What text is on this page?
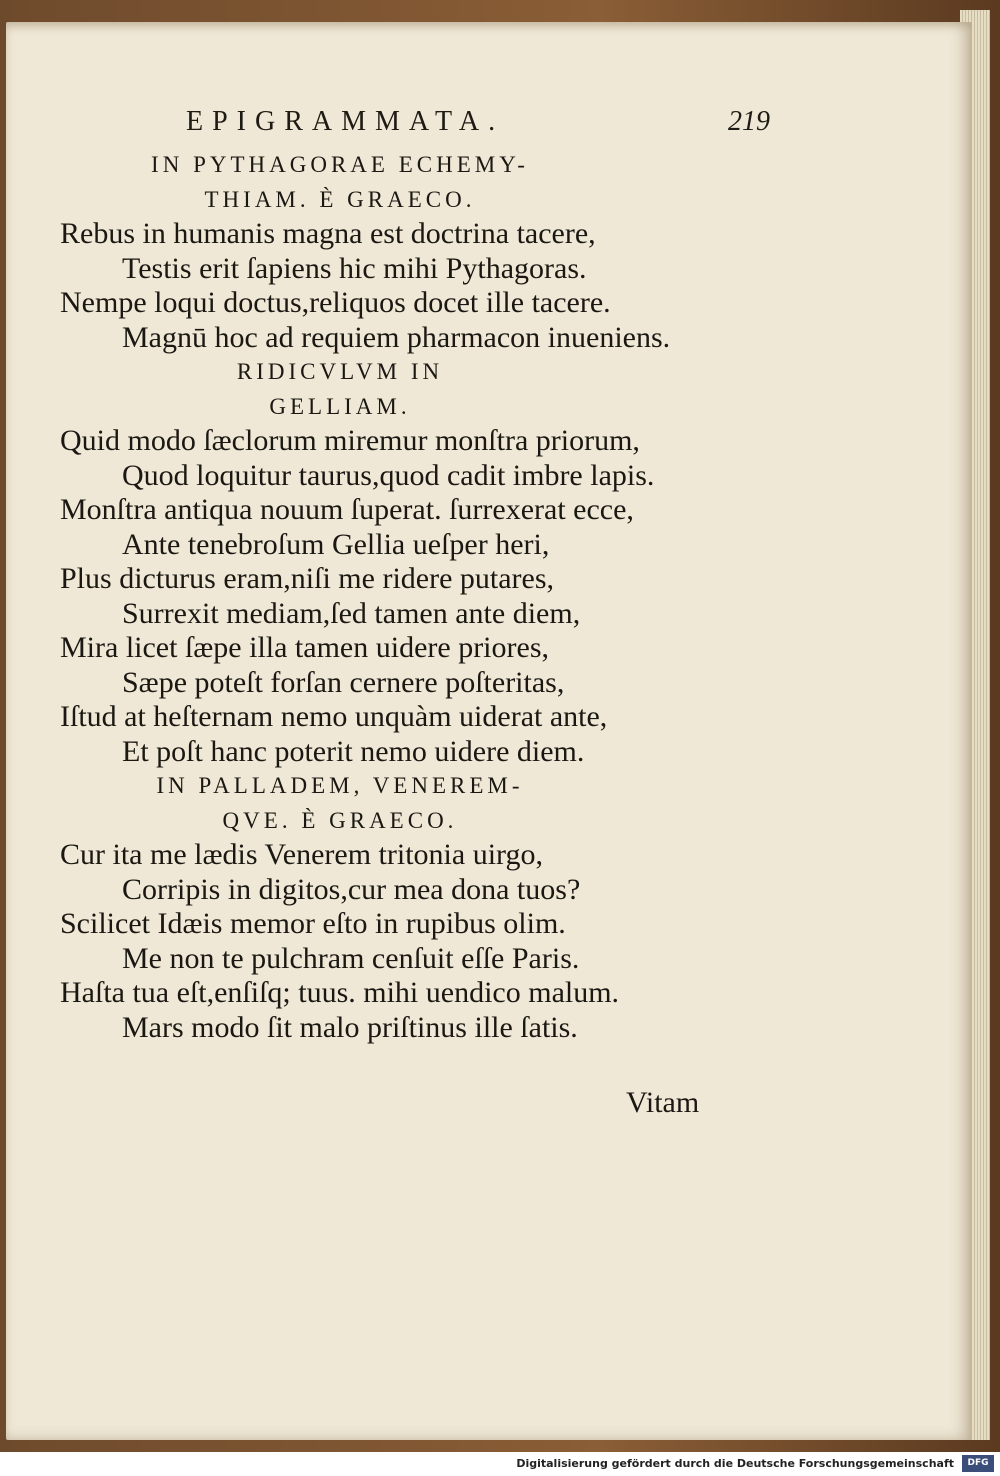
EPIGRAMMATA.	219
IN PYTHAGORAE ECHEMY-
THIAM. È GRAECO.
Rebus in humanis magna est doctrina tacere,
Testis erit ſapiens hic mihi Pythagoras.
Nempe loqui doctus,reliquos docet ille tacere.
Magnū hoc ad requiem pharmacon inueniens.
RIDICVLVM IN
GELLIAM.
Quid modo ſæclorum miremur monſtra priorum,
Quod loquitur taurus,quod cadit imbre lapis.
Monſtra antiqua nouum ſuperat. ſurrexerat ecce,
Ante tenebroſum Gellia ueſper heri,
Plus dicturus eram,niſi me ridere putares,
Surrexit mediam,ſed tamen ante diem,
Mira licet ſæpe illa tamen uidere priores,
Sæpe poteſt forſan cernere poſteritas,
Iſtud at heſternam nemo unquàm uiderat ante,
Et poſt hanc poterit nemo uidere diem.
IN PALLADEM, VENEREM-
QVE. È GRAECO.
Cur ita me lædis Venerem tritonia uirgo,
Corripis in digitos,cur mea dona tuos?
Scilicet Idæis memor eſto in rupibus olim.
Me non te pulchram cenſuit eſſe Paris.
Haſta tua eſt,enſiſq; tuus. mihi uendico malum.
Mars modo ſit malo priſtinus ille ſatis.
Vitam
Digitalisierung gefördert durch die Deutsche Forschungsgemeinschaft	DFG
